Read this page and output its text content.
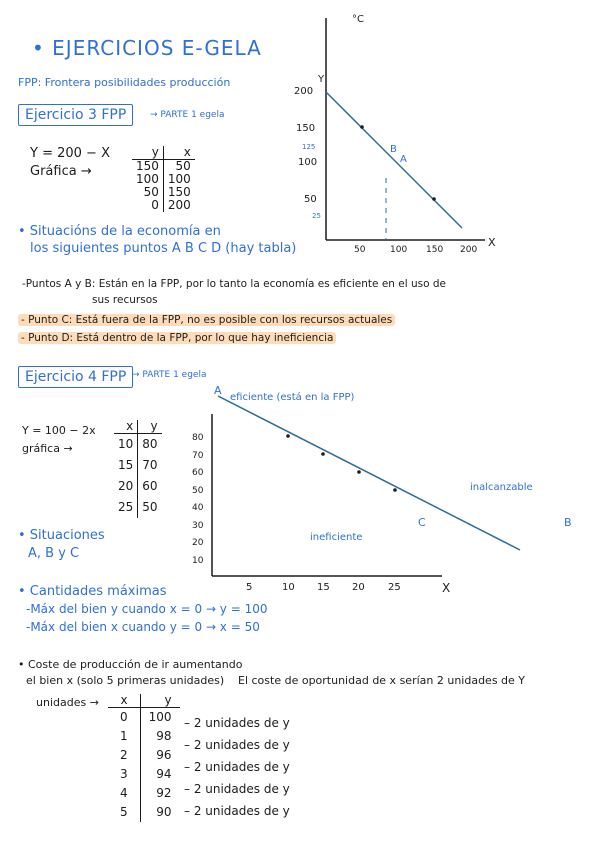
• EJERCICIOS E-GELA
FPP: Frontera posibilidades producción
Ejercicio 3 FPP	→ PARTE 1 egela
Y = 200 − X
Gráfica →
y	x
150	50
100	100
50	150
0	200
• Situacións de la economía en
los siguientes puntos A B C D (hay tabla)
°C
Y
X
200
150
125
100
50
25
50	100 150 200
B
A
-Puntos A y B: Están en la FPP, por lo tanto la economía es eficiente en el uso de
sus recursos
- Punto C: Está fuera de la FPP, no es posible con los recursos actuales
- Punto D: Está dentro de la FPP, por lo que hay ineficiencia
Ejercicio 4 FPP → PARTE 1 egela
Y = 100 − 2x
gráfica →
x	y
10	80
15	70
20	60
25	50
• Situaciones
A, B y C
A
eficiente (está en la FPP)
inalcanzable
ineficiente
C	B
X
80
70
60
50
40
30
20
10
5	10 15 20 25
• Cantidades máximas
-Máx del bien y cuando x = 0 → y = 100
-Máx del bien x cuando y = 0 → x = 50
• Coste de producción de ir aumentando
el bien x (solo 5 primeras unidades) El coste de oportunidad de x serían 2 unidades de Y
unidades → x	y
0	100
1	98
2	96
3	94
4	92
5	90
– 2 unidades de y
– 2 unidades de y
– 2 unidades de y
– 2 unidades de y
– 2 unidades de y
